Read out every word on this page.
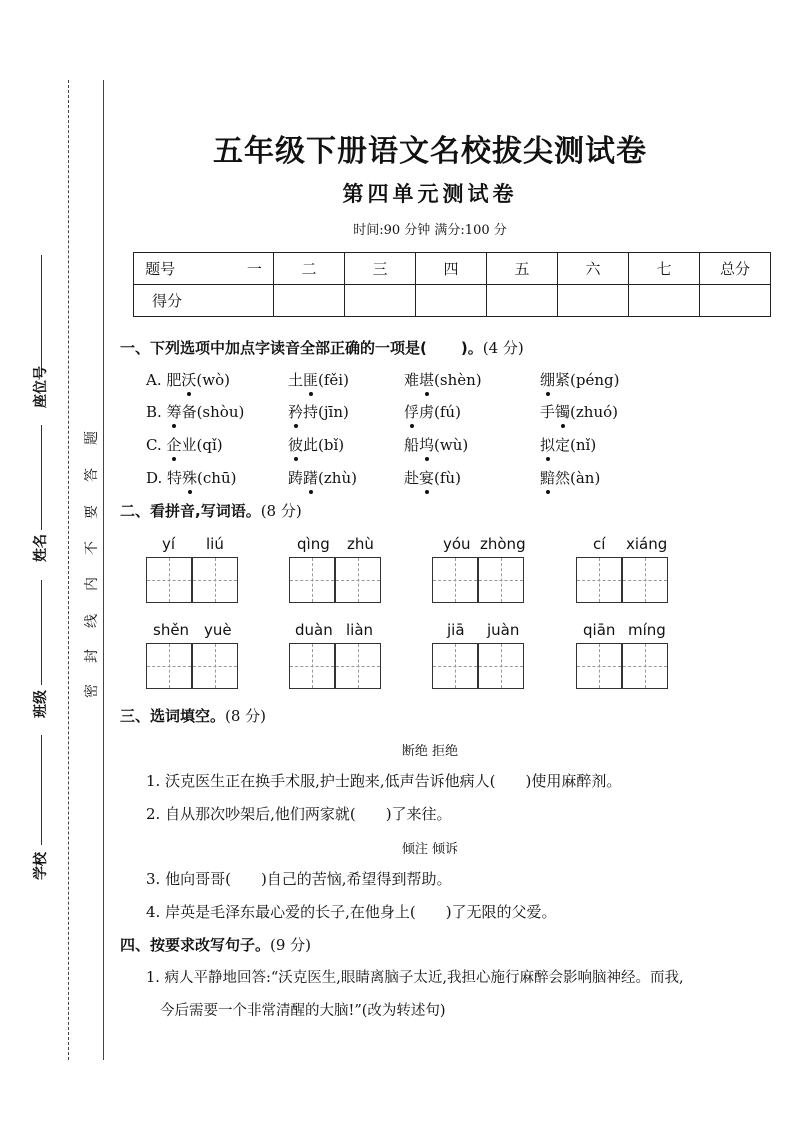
座位号
姓名
班级
学校
密
封
线
内
不
要
答
题
五年级下册语文名校拔尖测试卷
第四单元测试卷
时间:90 分钟 满分:100 分
题号 一	二	三	四	五	六	七	总分
得分							
一、下列选项中加点字读音全部正确的一项是( )。(4 分)
A. 肥沃(wò)	土匪(fěi)	难堪(shèn)	绷紧(péng)
B. 筹备(shòu)	矜持(jīn)	俘虏(fú)	手镯(zhuó)
C. 企业(qǐ)	彼此(bǐ)	船坞(wù)	拟定(nǐ)
D. 特殊(chū)	踌躇(zhù)	赴宴(fù)	黯然(àn)
二、看拼音,写词语。(8 分)
yí liú	qìng zhù	yóu zhòng	cí xiáng
shěn yuè	duàn liàn	jiā juàn	qiān míng
三、选词填空。(8 分)
断绝 拒绝
1. 沃克医生正在换手术服,护士跑来,低声告诉他病人( )使用麻醉剂。
2. 自从那次吵架后,他们两家就( )了来往。
倾注 倾诉
3. 他向哥哥( )自己的苦恼,希望得到帮助。
4. 岸英是毛泽东最心爱的长子,在他身上( )了无限的父爱。
四、按要求改写句子。(9 分)
1. 病人平静地回答:“沃克医生,眼睛离脑子太近,我担心施行麻醉会影响脑神经。而我,
今后需要一个非常清醒的大脑!”(改为转述句)
